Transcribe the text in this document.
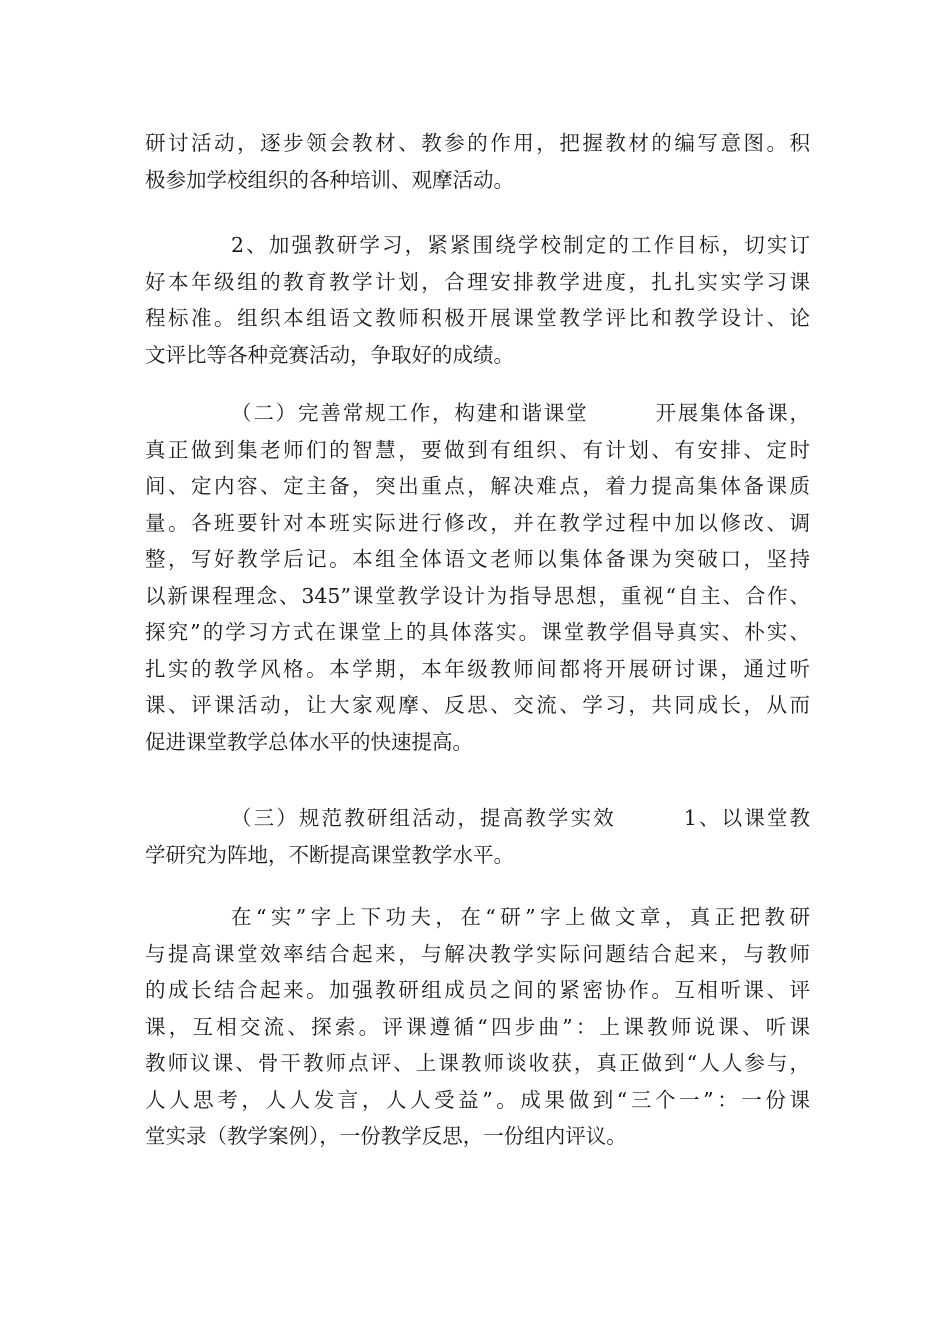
研讨活动，逐步领会教材、教参的作用，把握教材的编写意图。积
极参加学校组织的各种培训、观摩活动。
2、加强教研学习，紧紧围绕学校制定的工作目标，切实订
好本年级组的教育教学计划，合理安排教学进度，扎扎实实学习课
程标准。组织本组语文教师积极开展课堂教学评比和教学设计、论
文评比等各种竞赛活动，争取好的成绩。
（二）完善常规工作，构建和谐课堂　　　开展集体备课，
真正做到集老师们的智慧，要做到有组织、有计划、有安排、定时
间、定内容、定主备，突出重点，解决难点，着力提高集体备课质
量。各班要针对本班实际进行修改，并在教学过程中加以修改、调
整，写好教学后记。本组全体语文老师以集体备课为突破口，坚持
以新课程理念、345”课堂教学设计为指导思想，重视“自主、合作、
探究”的学习方式在课堂上的具体落实。课堂教学倡导真实、朴实、
扎实的教学风格。本学期，本年级教师间都将开展研讨课，通过听
课、评课活动，让大家观摩、反思、交流、学习，共同成长，从而
促进课堂教学总体水平的快速提高。
（三）规范教研组活动，提高教学实效　　　1、以课堂教
学研究为阵地，不断提高课堂教学水平。
在“实”字上下功夫，在“研”字上做文章，真正把教研
与提高课堂效率结合起来，与解决教学实际问题结合起来，与教师
的成长结合起来。加强教研组成员之间的紧密协作。互相听课、评
课，互相交流、探索。评课遵循“四步曲”：上课教师说课、听课
教师议课、骨干教师点评、上课教师谈收获，真正做到“人人参与，
人人思考，人人发言，人人受益”。成果做到“三个一”：一份课
堂实录（教学案例），一份教学反思，一份组内评议。
